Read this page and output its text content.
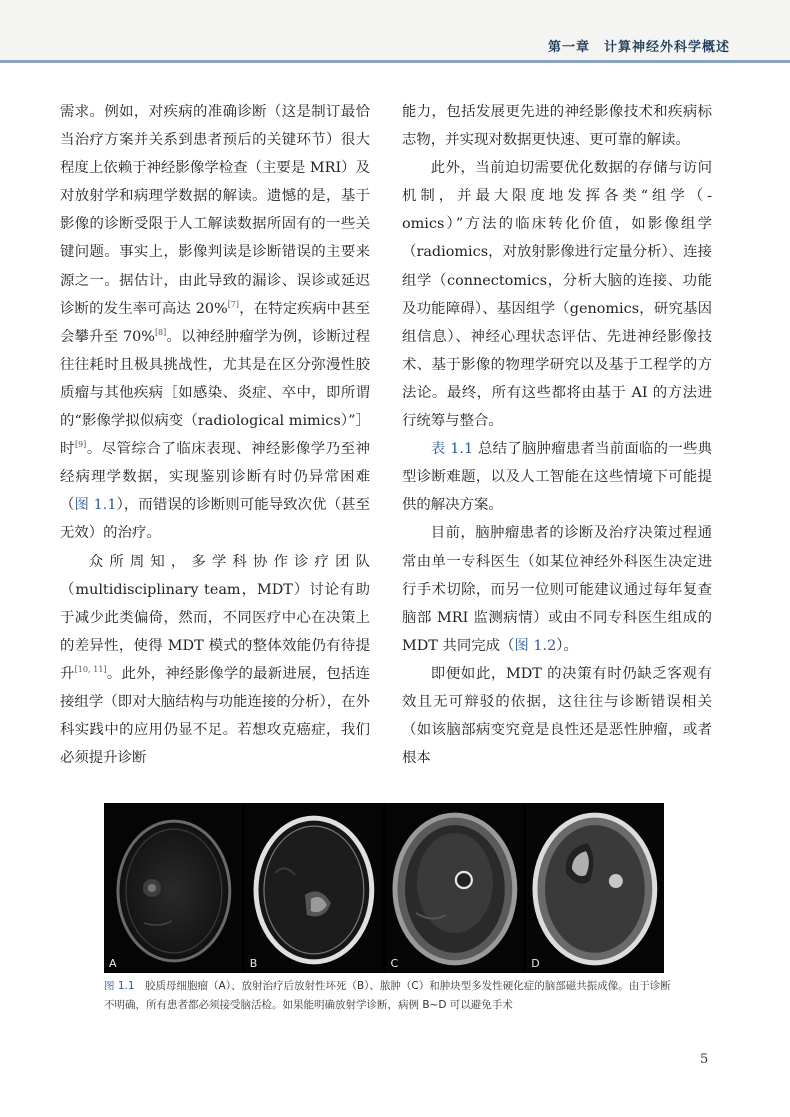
第一章　计算神经外科学概述

需求。例如，对疾病的准确诊断（这是制订最恰当治疗方案并关系到患者预后的关键环节）很大程度上依赖于神经影像学检查（主要是 MRI）及对放射学和病理学数据的解读。遗憾的是，基于影像的诊断受限于人工解读数据所固有的一些关键问题。事实上，影像判读是诊断错误的主要来源之一。据估计，由此导致的漏诊、误诊或延迟诊断的发生率可高达 20%[7]，在特定疾病中甚至会攀升至 70%[8]。以神经肿瘤学为例，诊断过程往往耗时且极具挑战性，尤其是在区分弥漫性胶质瘤与其他疾病［如感染、炎症、卒中，即所谓的“影像学拟似病变（radiological mimics）”］时[9]。尽管综合了临床表现、神经影像学乃至神经病理学数据，实现鉴别诊断有时仍异常困难（图 1.1），而错误的诊断则可能导致次优（甚至无效）的治疗。

众所周知，多学科协作诊疗团队（multidisciplinary team，MDT）讨论有助于减少此类偏倚，然而，不同医疗中心在决策上的差异性，使得 MDT 模式的整体效能仍有待提升[10, 11]。此外，神经影像学的最新进展，包括连接组学（即对大脑结构与功能连接的分析），在外科实践中的应用仍显不足。若想攻克癌症，我们必须提升诊断

能力，包括发展更先进的神经影像技术和疾病标志物，并实现对数据更快速、更可靠的解读。

此外，当前迫切需要优化数据的存储与访问机制，并最大限度地发挥各类“组学（-omics）”方法的临床转化价值，如影像组学（radiomics，对放射影像进行定量分析）、连接组学（connectomics，分析大脑的连接、功能及功能障碍）、基因组学（genomics，研究基因组信息）、神经心理状态评估、先进神经影像技术、基于影像的物理学研究以及基于工程学的方法论。最终，所有这些都将由基于 AI 的方法进行统筹与整合。

表 1.1 总结了脑肿瘤患者当前面临的一些典型诊断难题，以及人工智能在这些情境下可能提供的解决方案。

目前，脑肿瘤患者的诊断及治疗决策过程通常由单一专科医生（如某位神经外科医生决定进行手术切除，而另一位则可能建议通过每年复查脑部 MRI 监测病情）或由不同专科医生组成的 MDT 共同完成（图 1.2）。

即便如此，MDT 的决策有时仍缺乏客观有效且无可辩驳的依据，这往往与诊断错误相关（如该脑部病变究竟是良性还是恶性肿瘤，或者根本

A	B	C	D
图 1.1　胶质母细胞瘤（A）、放射治疗后放射性坏死（B）、脓肿（C）和肿块型多发性硬化症的脑部磁共振成像。由于诊断不明确，所有患者都必须接受脑活检。如果能明确放射学诊断，病例 B~D 可以避免手术
5
